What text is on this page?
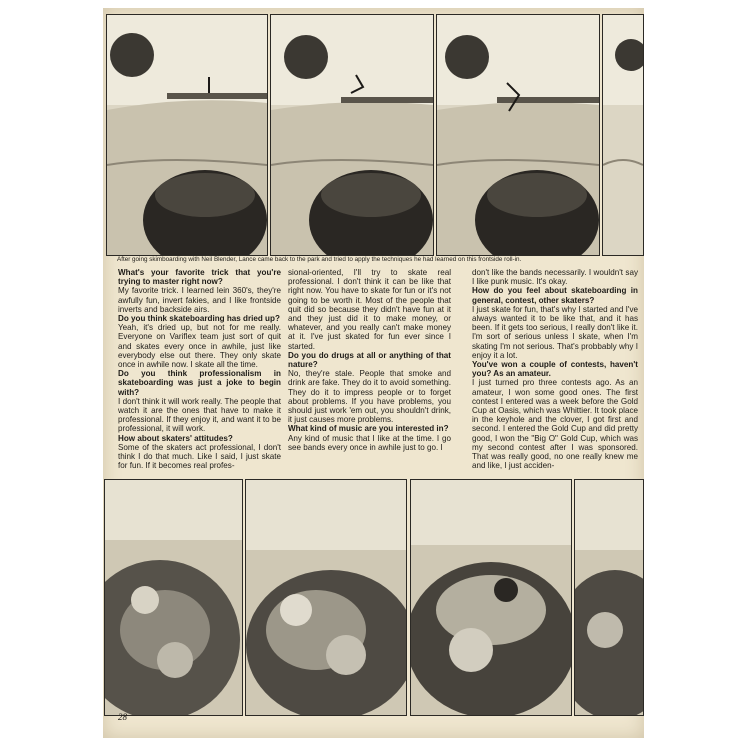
After going skimboarding with Neil Blender, Lance came back to the park and tried to apply the techniques he had learned on this frontside roll-in.

What's your favorite trick that you're trying to master right now?

My favorite trick. I learned lein 360's, they're awfully fun, invert fakies, and I like frontside inverts and backside airs.

Do you think skateboarding has dried up?

Yeah, it's dried up, but not for me really. Everyone on Variflex team just sort of quit and skates every once in awhile, just like everybody else out there. They only skate once in awhile now. I skate all the time.

Do you think professionalism in skateboarding was just a joke to begin with?

I don't think it will work really. The people that watch it are the ones that have to make it professional. If they enjoy it, and want it to be professional, it will work.

How about skaters' attitudes?

Some of the skaters act professional, I don't think I do that much. Like I said, I just skate for fun. If it becomes real profes-

sional-oriented, I'll try to skate real professional. I don't think it can be like that right now. You have to skate for fun or it's not going to be worth it. Most of the people that quit did so because they didn't have fun at it and they just did it to make money, or whatever, and you really can't make money at it. I've just skated for fun ever since I started.

Do you do drugs at all or anything of that nature?

No, they're stale. People that smoke and drink are fake. They do it to avoid something. They do it to impress people or to forget about problems. If you have problems, you should just work 'em out, you shouldn't drink, it just causes more problems.

What kind of music are you interested in?

Any kind of music that I like at the time. I go see bands every once in awhile just to go. I

don't like the bands necessarily. I wouldn't say I like punk music. It's okay.

How do you feel about skateboarding in general, contest, other skaters?

I just skate for fun, that's why I started and I've always wanted it to be like that, and it has been. If it gets too serious, I really don't like it. I'm sort of serious unless I skate, when I'm skating I'm not serious. That's probbably why I enjoy it a lot.

You've won a couple of contests, haven't you? As an amateur.

I just turned pro three contests ago. As an amateur, I won some good ones. The first contest I entered was a week before the Gold Cup at Oasis, which was Whittier. It took place in the keyhole and the clover, I got first and second. I entered the Gold Cup and did pretty good, I won the "Big O" Gold Cup, which was my second contest after I was sponsored. That was really good, no one really knew me and like, I just acciden-

28
